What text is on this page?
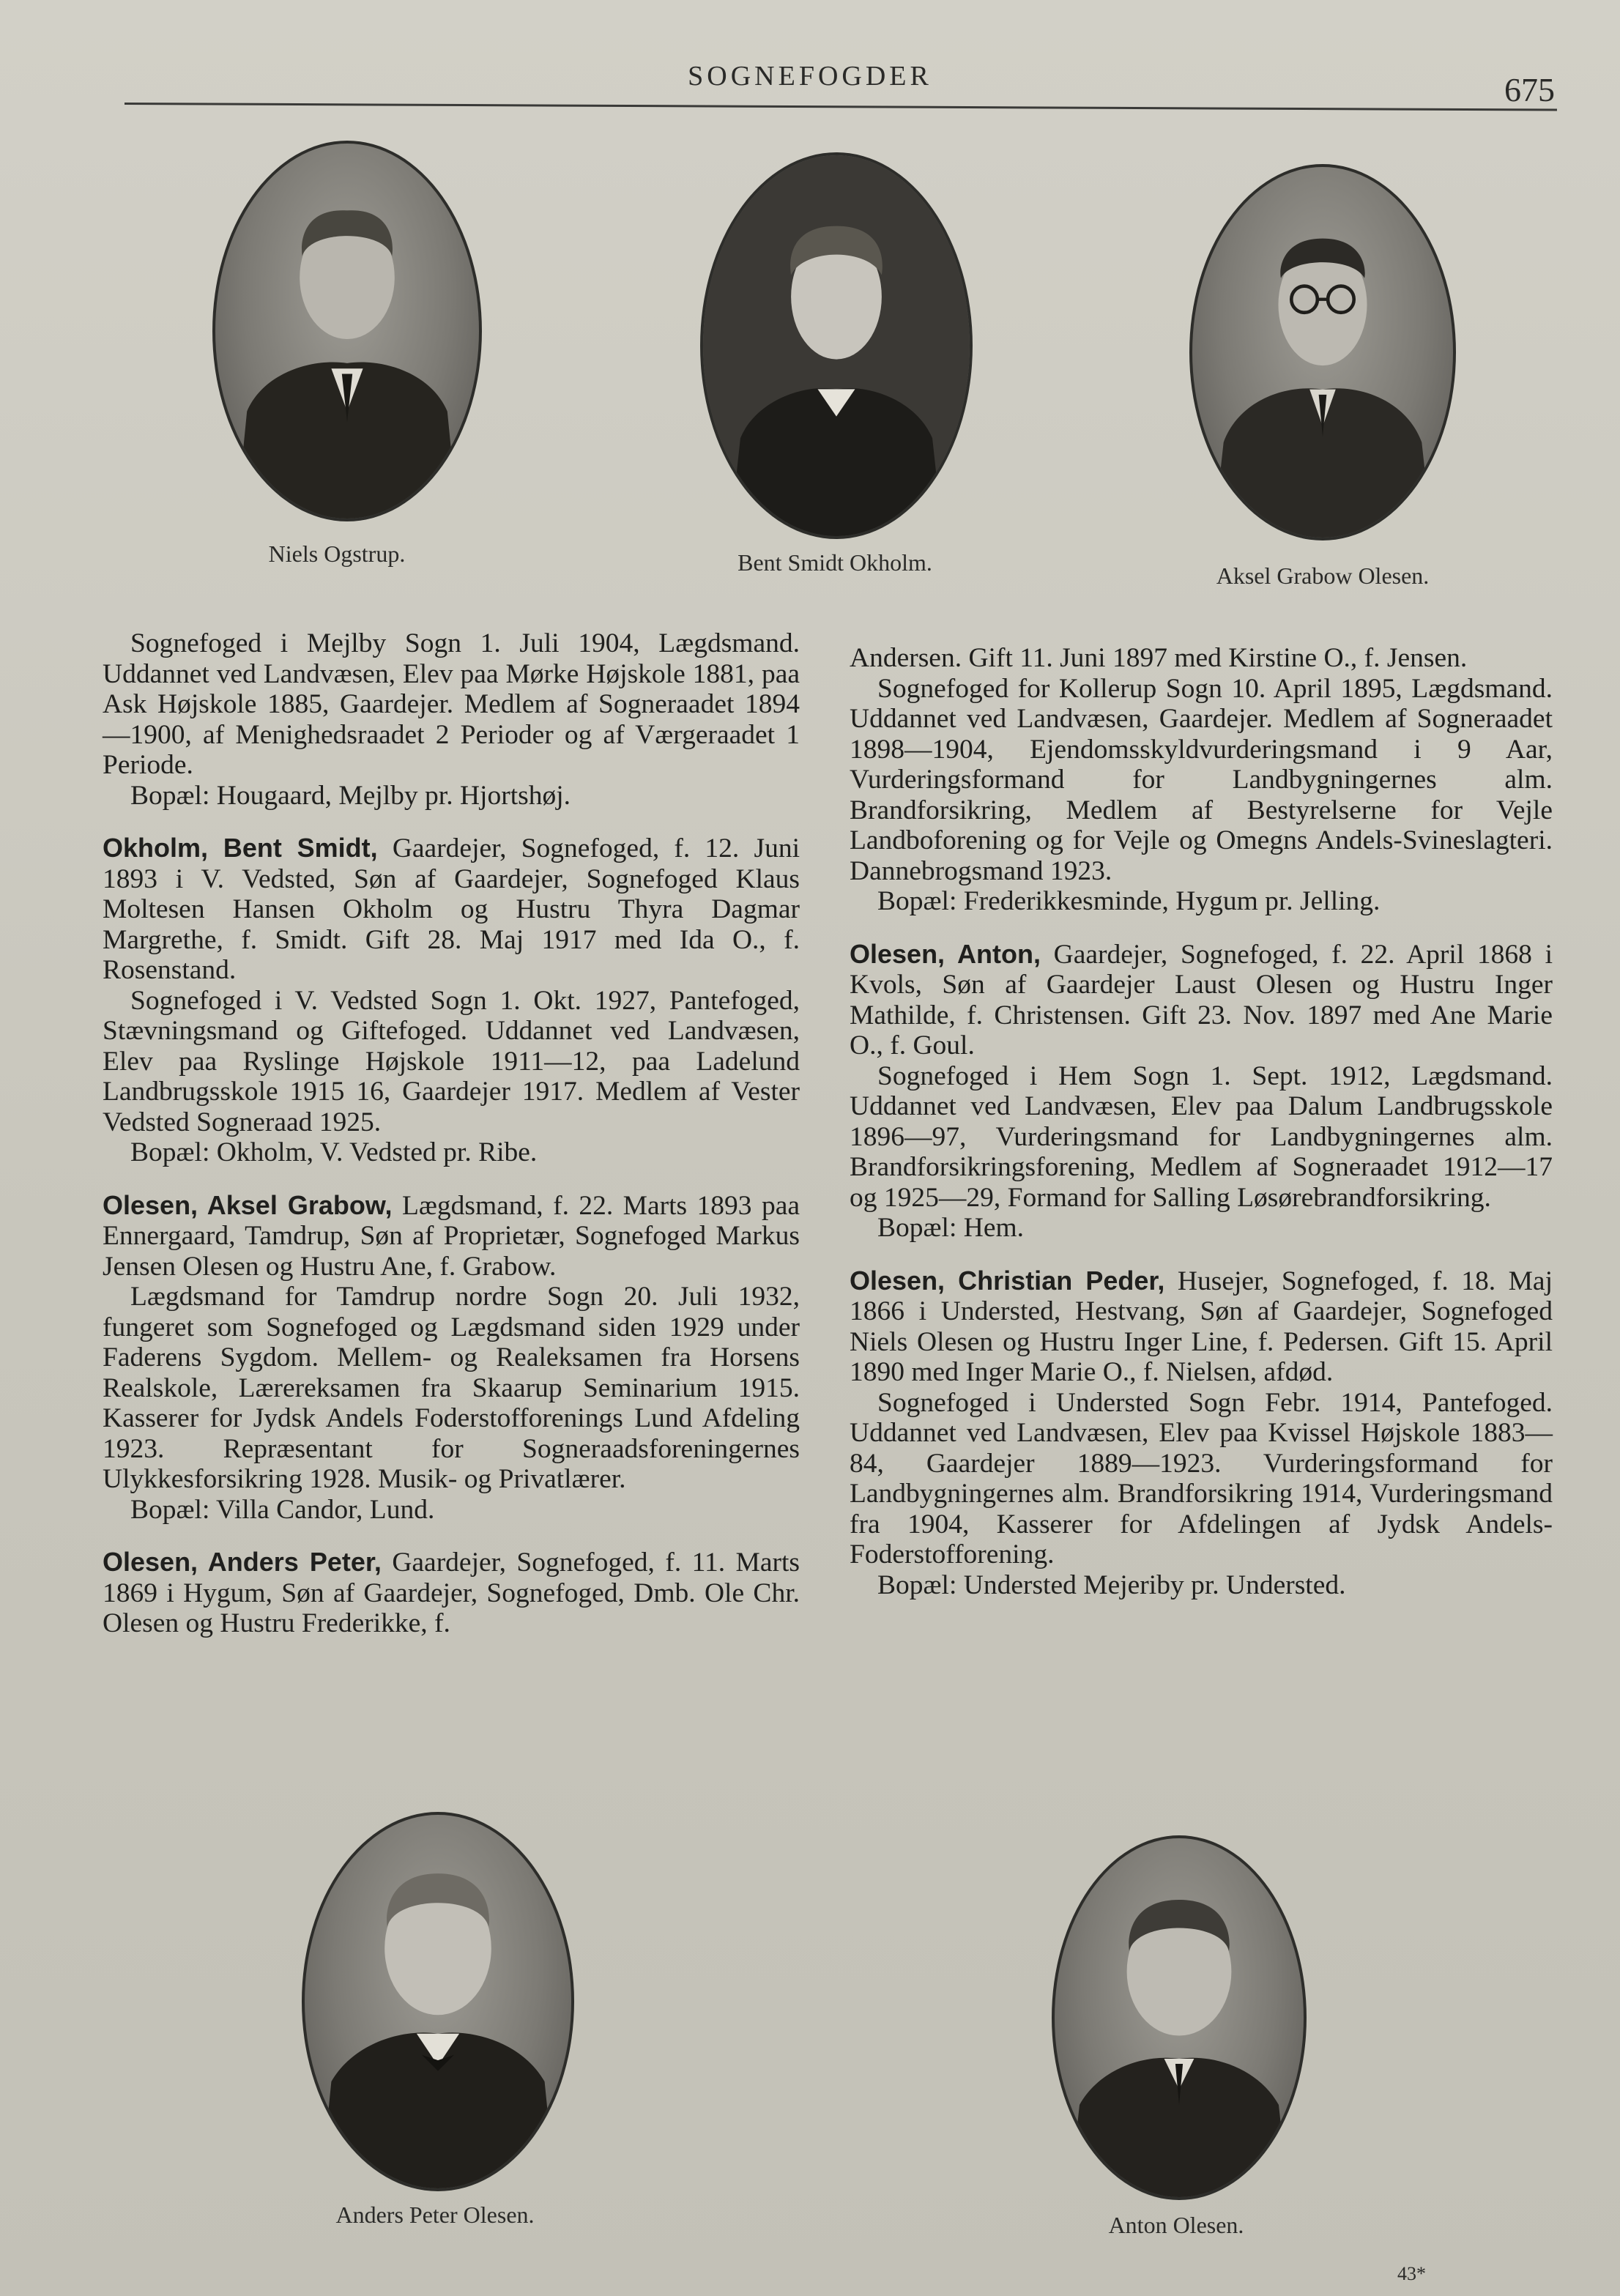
SOGNEFOGDER	675
Niels Ogstrup.	Bent Smidt Okholm.	Aksel Grabow Olesen.

Sognefoged i Mejlby Sogn 1. Juli 1904, Lægdsmand. Uddannet ved Landvæsen, Elev paa Mørke Højskole 1881, paa Ask Højskole 1885, Gaardejer. Medlem af Sogneraadet 1894—1900, af Menighedsraadet 2 Perioder og af Værgeraadet 1 Periode.

Bopæl: Hougaard, Mejlby pr. Hjortshøj.

Okholm, Bent Smidt, Gaardejer, Sognefoged, f. 12. Juni 1893 i V. Vedsted, Søn af Gaardejer, Sognefoged Klaus Moltesen Hansen Okholm og Hustru Thyra Dagmar Margrethe, f. Smidt. Gift 28. Maj 1917 med Ida O., f. Rosenstand.

Sognefoged i V. Vedsted Sogn 1. Okt. 1927, Pantefoged, Stævningsmand og Giftefoged. Uddannet ved Landvæsen, Elev paa Ryslinge Højskole 1911—12, paa Ladelund Landbrugsskole 1915 16, Gaardejer 1917. Medlem af Vester Vedsted Sogneraad 1925.

Bopæl: Okholm, V. Vedsted pr. Ribe.

Olesen, Aksel Grabow, Lægdsmand, f. 22. Marts 1893 paa Ennergaard, Tamdrup, Søn af Proprietær, Sognefoged Markus Jensen Olesen og Hustru Ane, f. Grabow.

Lægdsmand for Tamdrup nordre Sogn 20. Juli 1932, fungeret som Sognefoged og Lægdsmand siden 1929 under Faderens Sygdom. Mellem- og Realeksamen fra Horsens Realskole, Lærereksamen fra Skaarup Seminarium 1915. Kasserer for Jydsk Andels Foderstofforenings Lund Afdeling 1923. Repræsentant for Sogneraadsforeningernes Ulykkesforsikring 1928. Musik- og Privatlærer.

Bopæl: Villa Candor, Lund.

Olesen, Anders Peter, Gaardejer, Sognefoged, f. 11. Marts 1869 i Hygum, Søn af Gaardejer, Sognefoged, Dmb. Ole Chr. Olesen og Hustru Frederikke, f.

Andersen. Gift 11. Juni 1897 med Kirstine O., f. Jensen.

Sognefoged for Kollerup Sogn 10. April 1895, Lægdsmand. Uddannet ved Landvæsen, Gaardejer. Medlem af Sogneraadet 1898—1904, Ejendomsskyldvurderingsmand i 9 Aar, Vurderingsformand for Landbygningernes alm. Brandforsikring, Medlem af Bestyrelserne for Vejle Landboforening og for Vejle og Omegns Andels-Svineslagteri. Dannebrogsmand 1923.

Bopæl: Frederikkesminde, Hygum pr. Jelling.

Olesen, Anton, Gaardejer, Sognefoged, f. 22. April 1868 i Kvols, Søn af Gaardejer Laust Olesen og Hustru Inger Mathilde, f. Christensen. Gift 23. Nov. 1897 med Ane Marie O., f. Goul.

Sognefoged i Hem Sogn 1. Sept. 1912, Lægdsmand. Uddannet ved Landvæsen, Elev paa Dalum Landbrugsskole 1896—97, Vurderingsmand for Landbygningernes alm. Brandforsikringsforening, Medlem af Sogneraadet 1912—17 og 1925—29, Formand for Salling Løsørebrandforsikring.

Bopæl: Hem.

Olesen, Christian Peder, Husejer, Sognefoged, f. 18. Maj 1866 i Understed, Hestvang, Søn af Gaardejer, Sognefoged Niels Olesen og Hustru Inger Line, f. Pedersen. Gift 15. April 1890 med Inger Marie O., f. Nielsen, afdød.

Sognefoged i Understed Sogn Febr. 1914, Pantefoged. Uddannet ved Landvæsen, Elev paa Kvissel Højskole 1883—84, Gaardejer 1889—1923. Vurderingsformand for Landbygningernes alm. Brandforsikring 1914, Vurderingsmand fra 1904, Kasserer for Afdelingen af Jydsk Andels-Foderstofforening.

Bopæl: Understed Mejeriby pr. Understed.

Anders Peter Olesen.	Anton Olesen.
43*
